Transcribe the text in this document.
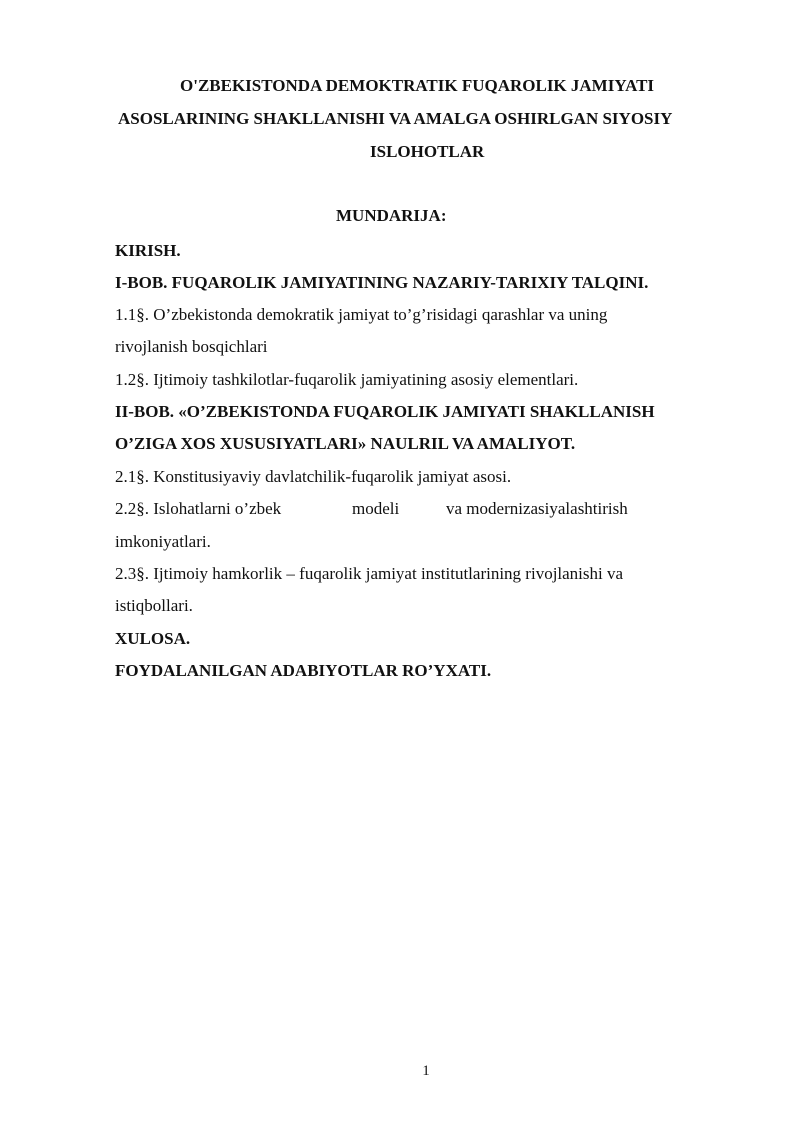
O'ZBEKISTONDA DEMOKTRATIK FUQAROLIK JAMIYATI
ASOSLARINING SHAKLLANISHI VA AMALGA OSHIRLGAN SIYOSIY
ISLOHOTLAR
MUNDARIJA:
KIRISH.
I-BOB. FUQAROLIK JAMIYATINING NAZARIY-TARIXIY TALQINI.
1.1§. O’zbekistonda demokratik jamiyat to’g’risidagi qarashlar va uning
rivojlanish bosqichlari
1.2§. Ijtimoiy tashkilotlar-fuqarolik jamiyatining asosiy elementlari.
II-BOB. «O’ZBEKISTONDA FUQAROLIK JAMIYATI SHAKLLANISH
O’ZIGA XOS XUSUSIYATLARI» NAULRIL VA AMALIYOT.
2.1§. Konstitusiyaviy davlatchilik-fuqarolik jamiyat asosi.
2.2§. Islohatlarni o’zbek	modeli	va modernizasiyalashtirish
imkoniyatlari.
2.3§. Ijtimoiy hamkorlik – fuqarolik jamiyat institutlarining rivojlanishi va
istiqbollari.
XULOSA.
FOYDALANILGAN ADABIYOTLAR RO’YXATI.
1
